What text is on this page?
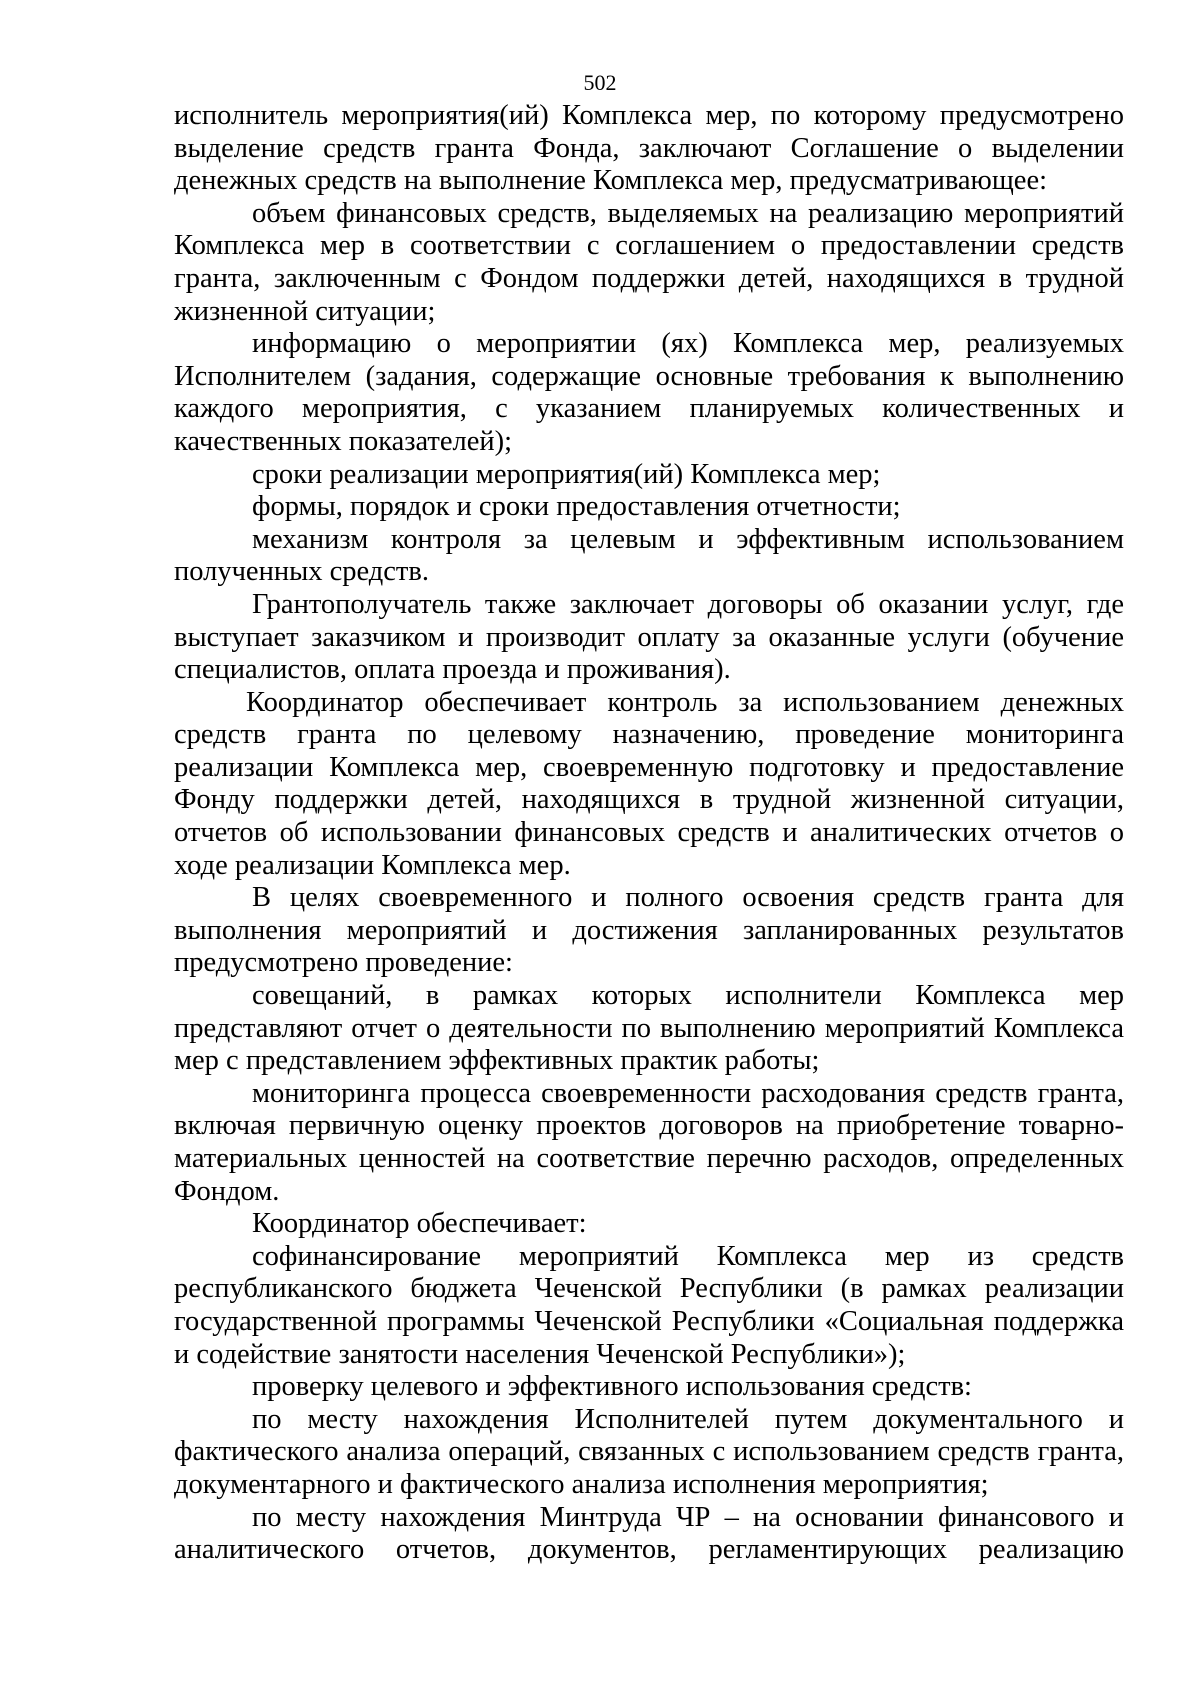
502

исполнитель мероприятия(ий) Комплекса мер, по которому предусмотрено выделение средств гранта Фонда, заключают Соглашение о выделении денежных средств на выполнение Комплекса мер, предусматривающее:

объем финансовых средств, выделяемых на реализацию мероприятий Комплекса мер в соответствии с соглашением о предоставлении средств гранта, заключенным с Фондом поддержки детей, находящихся в трудной жизненной ситуации;

информацию о мероприятии (ях) Комплекса мер, реализуемых Исполнителем (задания, содержащие основные требования к выполнению каждого мероприятия, с указанием планируемых количественных и качественных показателей);

сроки реализации мероприятия(ий) Комплекса мер;

формы, порядок и сроки предоставления отчетности;

механизм контроля за целевым и эффективным использованием полученных средств.

Грантополучатель также заключает договоры об оказании услуг, где выступает заказчиком и производит оплату за оказанные услуги (обучение специалистов, оплата проезда и проживания).

Координатор обеспечивает контроль за использованием денежных средств гранта по целевому назначению, проведение мониторинга реализации Комплекса мер, своевременную подготовку и предоставление Фонду поддержки детей, находящихся в трудной жизненной ситуации, отчетов об использовании финансовых средств и аналитических отчетов о ходе реализации Комплекса мер.

В целях своевременного и полного освоения средств гранта для выполнения мероприятий и достижения запланированных результатов предусмотрено проведение:

совещаний, в рамках которых исполнители Комплекса мер представляют отчет о деятельности по выполнению мероприятий Комплекса мер с представлением эффективных практик работы;

мониторинга процесса своевременности расходования средств гранта, включая первичную оценку проектов договоров на приобретение товарно-материальных ценностей на соответствие перечню расходов, определенных Фондом.

Координатор обеспечивает:

софинансирование мероприятий Комплекса мер из средств республиканского бюджета Чеченской Республики (в рамках реализации государственной программы Чеченской Республики «Социальная поддержка и содействие занятости населения Чеченской Республики»);

проверку целевого и эффективного использования средств:

по месту нахождения Исполнителей путем документального и фактического анализа операций, связанных с использованием средств гранта, документарного и фактического анализа исполнения мероприятия;

по месту нахождения Минтруда ЧР – на основании финансового и аналитического отчетов, документов, регламентирующих реализацию
